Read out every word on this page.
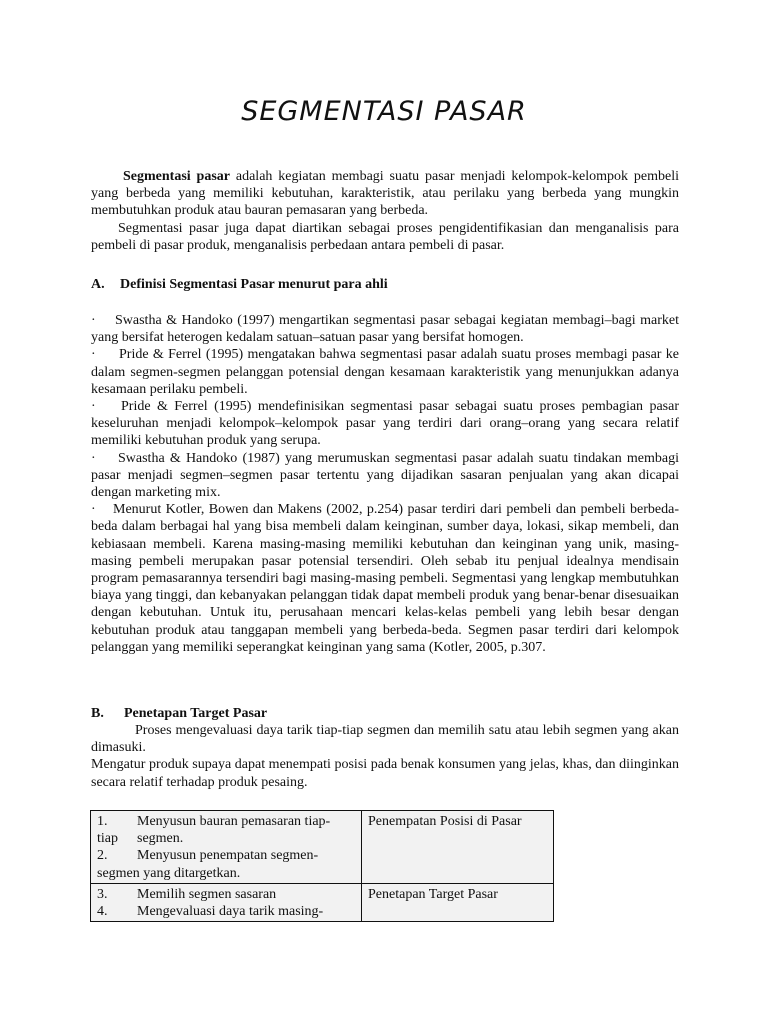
SEGMENTASI PASAR

Segmentasi pasar adalah kegiatan membagi suatu pasar menjadi kelompok-kelompok pembeli yang berbeda yang memiliki kebutuhan, karakteristik, atau perilaku yang berbeda yang mungkin membutuhkan produk atau bauran pemasaran yang berbeda.

Segmentasi pasar juga dapat diartikan sebagai proses pengidentifikasian dan menganalisis para pembeli di pasar produk, menganalisis perbedaan antara pembeli di pasar.

A. Definisi Segmentasi Pasar menurut para ahli

· Swastha & Handoko (1997) mengartikan segmentasi pasar sebagai kegiatan membagi–bagi market yang bersifat heterogen kedalam satuan–satuan pasar yang bersifat homogen.

· Pride & Ferrel (1995) mengatakan bahwa segmentasi pasar adalah suatu proses membagi pasar ke dalam segmen-segmen pelanggan potensial dengan kesamaan karakteristik yang menunjukkan adanya kesamaan perilaku pembeli.

· Pride & Ferrel (1995) mendefinisikan segmentasi pasar sebagai suatu proses pembagian pasar keseluruhan menjadi kelompok–kelompok pasar yang terdiri dari orang–orang yang secara relatif memiliki kebutuhan produk yang serupa.

· Swastha & Handoko (1987) yang merumuskan segmentasi pasar adalah suatu tindakan membagi pasar menjadi segmen–segmen pasar tertentu yang dijadikan sasaran penjualan yang akan dicapai dengan marketing mix.

· Menurut Kotler, Bowen dan Makens (2002, p.254) pasar terdiri dari pembeli dan pembeli berbeda-beda dalam berbagai hal yang bisa membeli dalam keinginan, sumber daya, lokasi, sikap membeli, dan kebiasaan membeli. Karena masing-masing memiliki kebutuhan dan keinginan yang unik, masing-masing pembeli merupakan pasar potensial tersendiri. Oleh sebab itu penjual idealnya mendisain program pemasarannya tersendiri bagi masing-masing pembeli. Segmentasi yang lengkap membutuhkan biaya yang tinggi, dan kebanyakan pelanggan tidak dapat membeli produk yang benar-benar disesuaikan dengan kebutuhan. Untuk itu, perusahaan mencari kelas-kelas pembeli yang lebih besar dengan kebutuhan produk atau tanggapan membeli yang berbeda-beda. Segmen pasar terdiri dari kelompok pelanggan yang memiliki seperangkat keinginan yang sama (Kotler, 2005, p.307.

B. Penetapan Target Pasar

Proses mengevaluasi daya tarik tiap-tiap segmen dan memilih satu atau lebih segmen yang akan dimasuki.

Mengatur produk supaya dapat menempati posisi pada benak konsumen yang jelas, khas, dan diinginkan secara relatif terhadap produk pesaing.

1. Menyusun bauran pemasaran tiap-
tiap segmen.
2. Menyusun penempatan segmen-
segmen yang ditargetkan.	Penempatan Posisi di Pasar

3. Memilih segmen sasaran
4. Mengevaluasi daya tarik masing-	Penetapan Target Pasar
